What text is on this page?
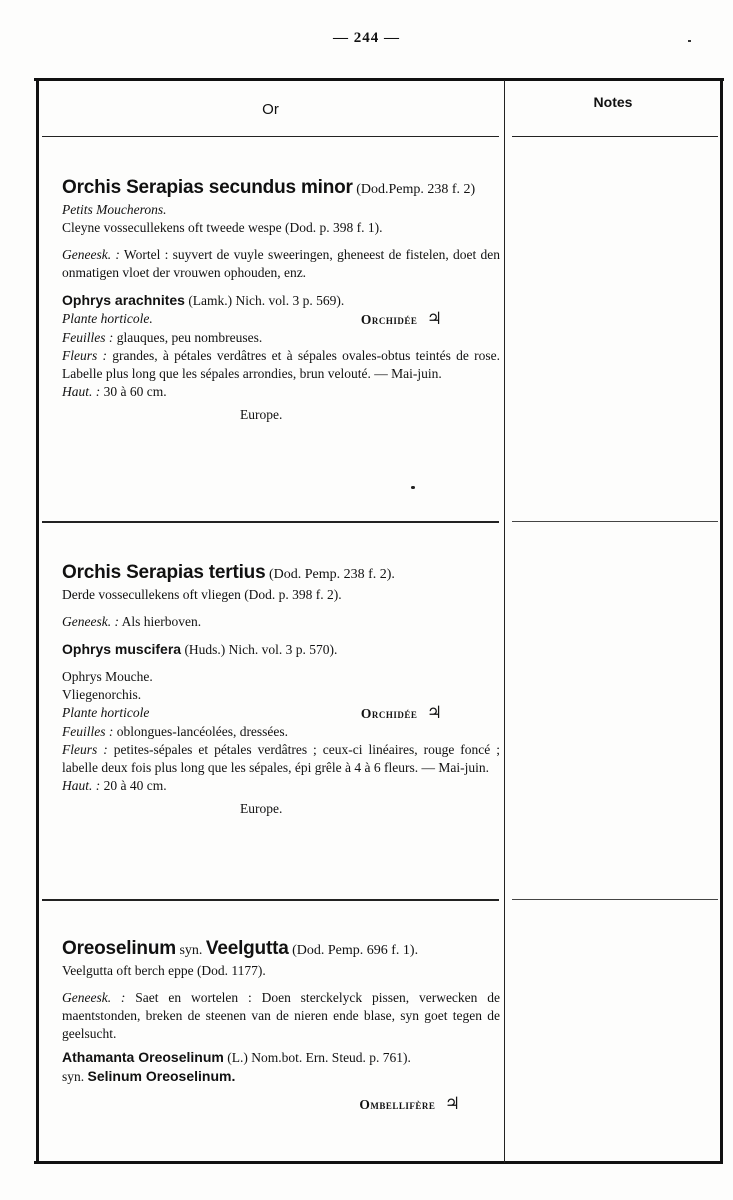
— 244 —
Or	Notes

Orchis Serapias secundus minor (Dod.Pemp. 238 f. 2)

Petits Moucherons.

Cleyne vossecullekens oft tweede wespe (Dod. p. 398 f. 1).

Geneesk. : Wortel : suyvert de vuyle sweeringen, gheneest de fistelen, doet den onmatigen vloet der vrouwen ophouden, enz.

Ophrys arachnites (Lamk.) Nich. vol. 3 p. 569).

Plante horticole.	Orchidée ♃

Feuilles : glauques, peu nombreuses.

Fleurs : grandes, à pétales verdâtres et à sépales ovales-obtus teintés de rose. Labelle plus long que les sépales arrondies, brun velouté. — Mai-juin.

Haut. : 30 à 60 cm.

Europe.

Orchis Serapias tertius (Dod. Pemp. 238 f. 2).

Derde vossecullekens oft vliegen (Dod. p. 398 f. 2).

Geneesk. : Als hierboven.

Ophrys muscifera (Huds.) Nich. vol. 3 p. 570).

Ophrys Mouche.

Vliegenorchis.

Plante horticole	Orchidée ♃

Feuilles : oblongues-lancéolées, dressées.

Fleurs : petites-sépales et pétales verdâtres ; ceux-ci linéaires, rouge foncé ; labelle deux fois plus long que les sépales, épi grêle à 4 à 6 fleurs. — Mai-juin.

Haut. : 20 à 40 cm.

Europe.

Oreoselinum syn. Veelgutta (Dod. Pemp. 696 f. 1).

Veelgutta oft berch eppe (Dod. 1177).

Geneesk. : Saet en wortelen : Doen sterckelyck pissen, verwecken de maentstonden, breken de steenen van de nieren ende blase, syn goet tegen de geelsucht.

Athamanta Oreoselinum (L.) Nom.bot. Ern. Steud. p. 761).

syn. Selinum Oreoselinum.

Ombellifère ♃
